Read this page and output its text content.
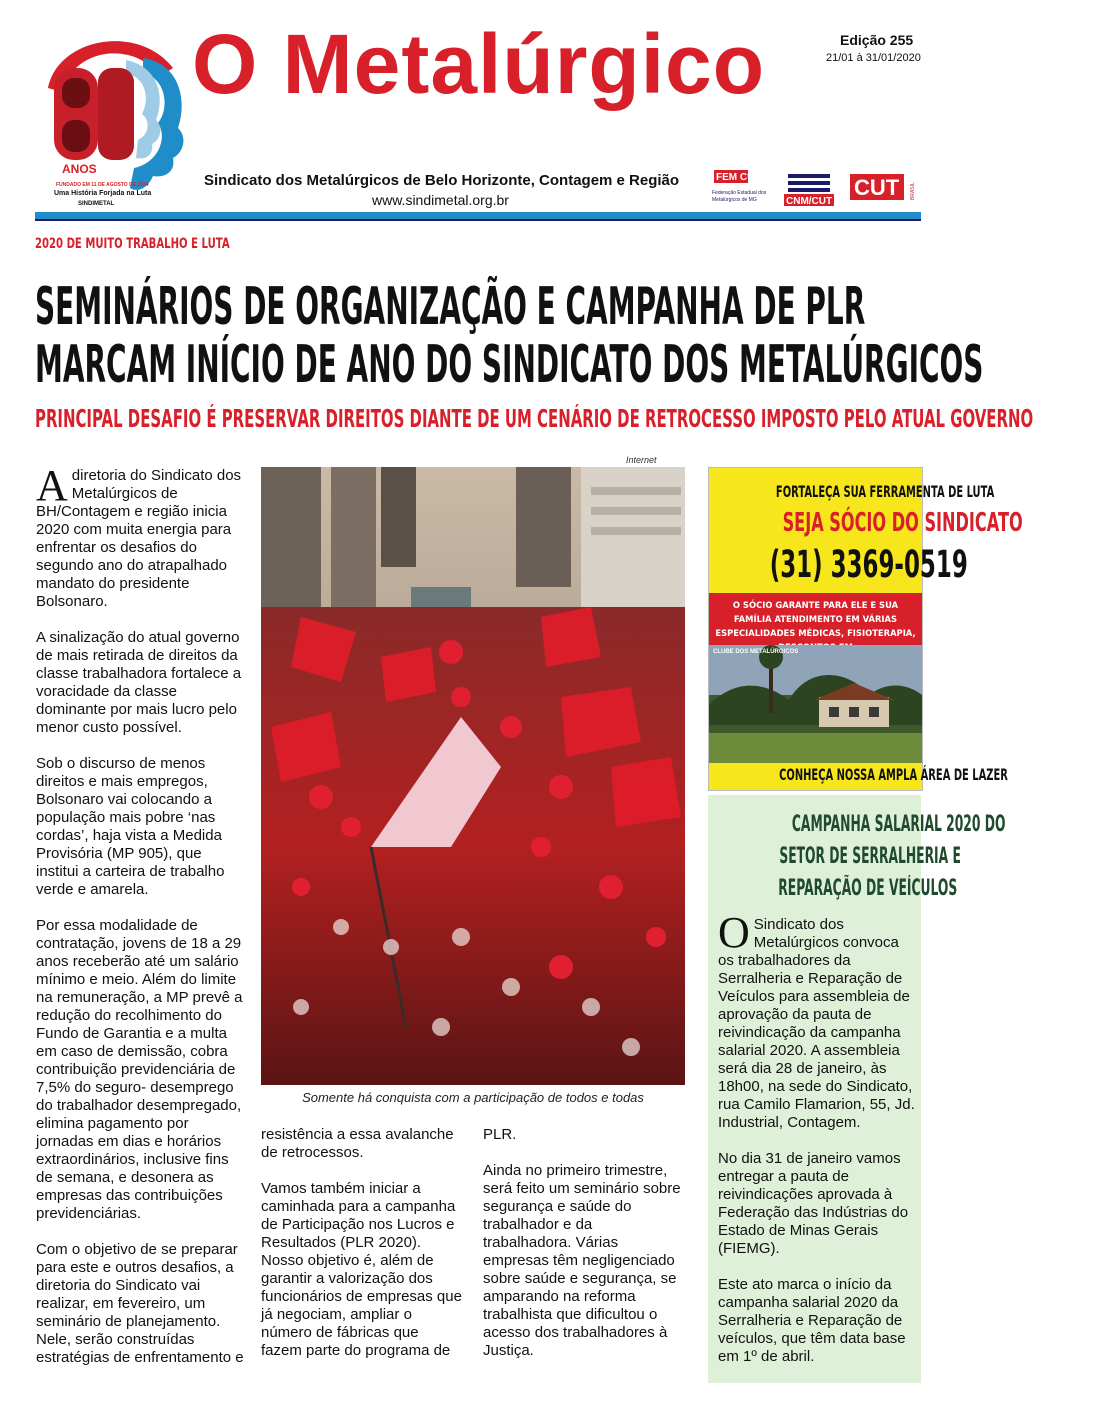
ANOS
FUNDADO EM 11 DE AGOSTO DE 1934
Uma História Forjada na Luta
SINDIMETAL
O Metalúrgico	Edição 255
21/01 à 31/01/2020
Sindicato dos Metalúrgicos de Belo Horizonte, Contagem e Região
www.sindimetal.org.br
FEM CUT
Federação Estadual dos
Metalúrgicos de MG	CNM/CUT
CUT BRASIL
2020 DE MUITO TRABALHO E LUTA
SEMINÁRIOS DE ORGANIZAÇÃO E CAMPANHA DE PLR
MARCAM INÍCIO DE ANO DO SINDICATO DOS METALÚRGICOS
PRINCIPAL DESAFIO É PRESERVAR DIREITOS DIANTE DE UM CENÁRIO DE RETROCESSO IMPOSTO PELO ATUAL GOVERNO

A diretoria do Sindicato dos Metalúrgicos de BH/Contagem e região inicia 2020 com muita energia para enfrentar os desafios do segundo ano do atrapalhado mandato do presidente Bolsonaro.

A sinalização do atual governo de mais retirada de direitos da classe trabalhadora fortalece a voracidade da classe dominante por mais lucro pelo menor custo possível.

Sob o discurso de menos direitos e mais empregos, Bolsonaro vai colocando a população mais pobre ‘nas cordas’, haja vista a Medida Provisória (MP 905), que institui a carteira de trabalho verde e amarela.

Por essa modalidade de contratação, jovens de 18 a 29 anos receberão até um salário mínimo e meio. Além do limite na remuneração, a MP prevê a redução do recolhimento do Fundo de Garantia e a multa em caso de demissão, cobra contribuição previdenciária de 7,5% do seguro- desemprego do trabalhador desempregado, elimina pagamento por jornadas em dias e horários extraordinários, inclusive fins de semana, e desonera as empresas das contribuições previdenciárias.

Com o objetivo de se preparar para este e outros desafios, a diretoria do Sindicato vai realizar, em fevereiro, um seminário de planejamento. Nele, serão construídas estratégias de enfrentamento e

Internet
Somente há conquista com a participação de todos e todas

resistência a essa avalanche de retrocessos.

Vamos também iniciar a caminhada para a campanha de Participação nos Lucros e Resultados (PLR 2020). Nosso objetivo é, além de garantir a valorização dos funcionários de empresas que já negociam, ampliar o número de fábricas que fazem parte do programa de

PLR.

Ainda no primeiro trimestre, será feito um seminário sobre segurança e saúde do trabalhador e da trabalhadora. Várias empresas têm negligenciado sobre saúde e segurança, se amparando na reforma trabalhista que dificultou o acesso dos trabalhadores à Justiça.

FORTALEÇA SUA FERRAMENTA DE LUTA
SEJA SÓCIO DO SINDICATO
(31) 3369-0519
O SÓCIO GARANTE PARA ELE E SUA FAMÍLIA ATENDIMENTO EM VÁRIAS
ESPECIALIDADES MÉDICAS, FISIOTERAPIA,
CLUBE DOS METALÚRGICOS
CONHEÇA NOSSA AMPLA ÁREA DE LAZER
CAMPANHA SALARIAL 2020 DO
SETOR DE SERRALHERIA E
REPARAÇÃO DE VEÍCULOS

O Sindicato dos Metalúrgicos convoca os trabalhadores da Serralheria e Reparação de Veículos para assembleia de aprovação da pauta de reivindicação da campanha salarial 2020. A assembleia será dia 28 de janeiro, às 18h00, na sede do Sindicato, rua Camilo Flamarion, 55, Jd. Industrial, Contagem.

No dia 31 de janeiro vamos entregar a pauta de reivindicações aprovada à Federação das Indústrias do Estado de Minas Gerais (FIEMG).

Este ato marca o início da campanha salarial 2020 da Serralheria e Reparação de veículos, que têm data base em 1º de abril.
